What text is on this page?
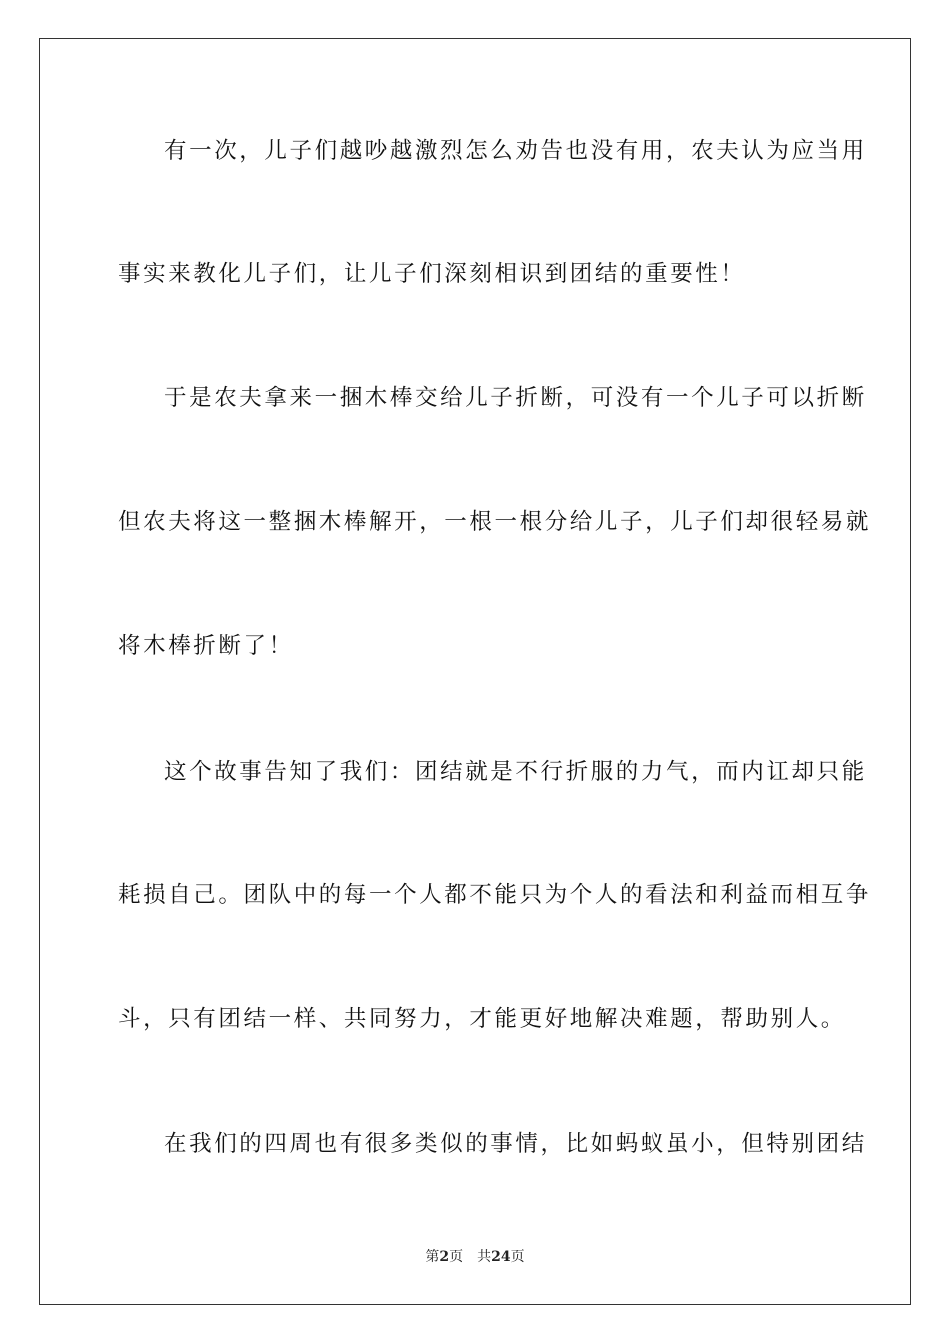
有一次，儿子们越吵越激烈怎么劝告也没有用，农夫认为应当用
事实来教化儿子们，让儿子们深刻相识到团结的重要性！
于是农夫拿来一捆木棒交给儿子折断，可没有一个儿子可以折断
但农夫将这一整捆木棒解开，一根一根分给儿子，儿子们却很轻易就
将木棒折断了！
这个故事告知了我们：团结就是不行折服的力气，而内讧却只能
耗损自己。团队中的每一个人都不能只为个人的看法和利益而相互争
斗，只有团结一样、共同努力，才能更好地解决难题，帮助别人。
在我们的四周也有很多类似的事情，比如蚂蚁虽小，但特别团结
第2页 共24页
